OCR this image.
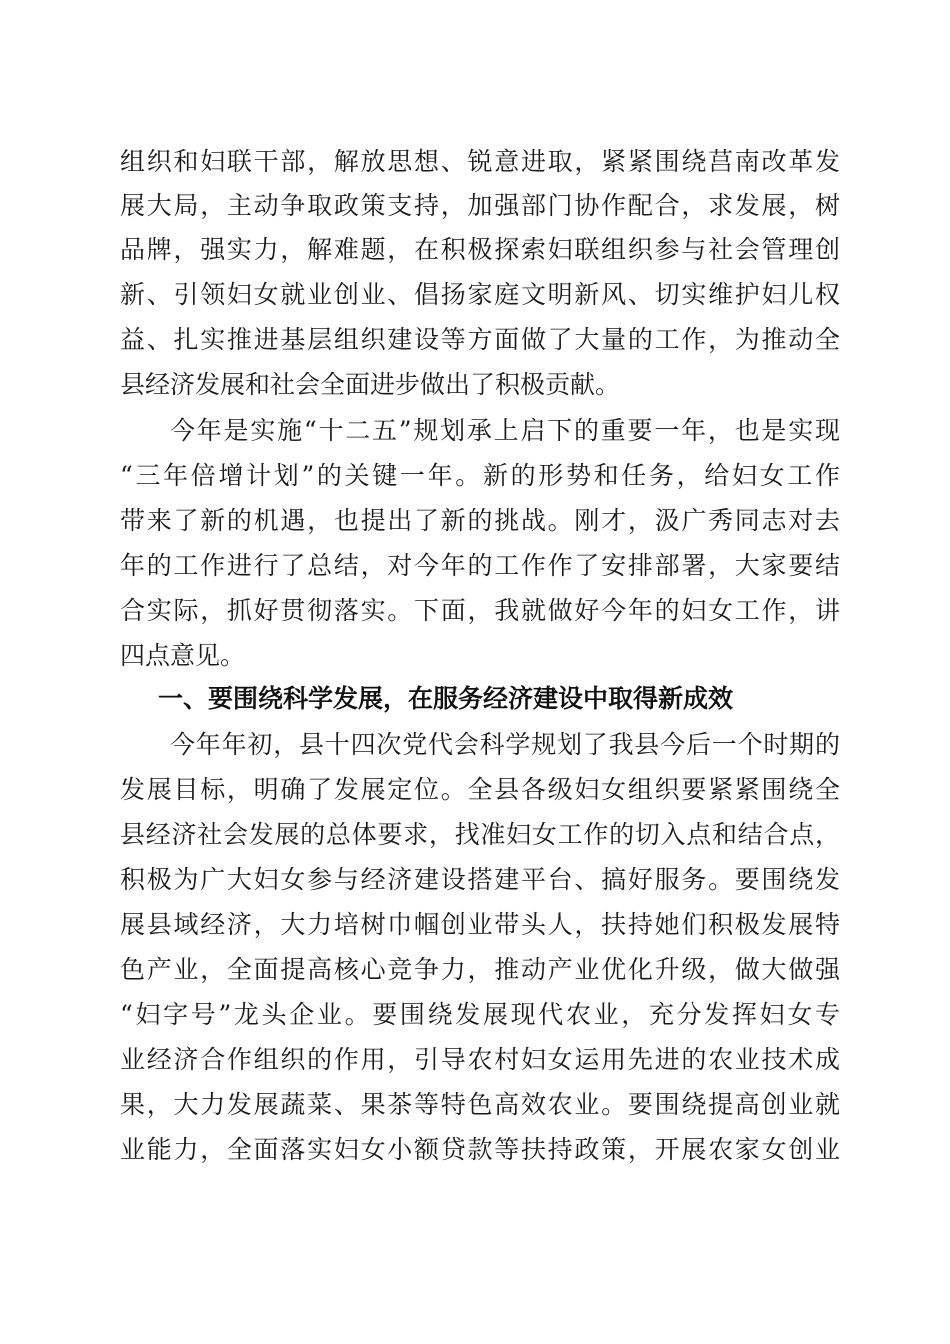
组织和妇联干部，解放思想、锐意进取，紧紧围绕莒南改革发
展大局，主动争取政策支持，加强部门协作配合，求发展，树
品牌，强实力，解难题，在积极探索妇联组织参与社会管理创
新、引领妇女就业创业、倡扬家庭文明新风、切实维护妇儿权
益、扎实推进基层组织建设等方面做了大量的工作，为推动全
县经济发展和社会全面进步做出了积极贡献。
今年是实施“十二五”规划承上启下的重要一年，也是实现
“三年倍增计划”的关键一年。新的形势和任务，给妇女工作
带来了新的机遇，也提出了新的挑战。刚才，汲广秀同志对去
年的工作进行了总结，对今年的工作作了安排部署，大家要结
合实际，抓好贯彻落实。下面，我就做好今年的妇女工作，讲
四点意见。
一、要围绕科学发展，在服务经济建设中取得新成效
今年年初，县十四次党代会科学规划了我县今后一个时期的
发展目标，明确了发展定位。全县各级妇女组织要紧紧围绕全
县经济社会发展的总体要求，找准妇女工作的切入点和结合点，
积极为广大妇女参与经济建设搭建平台、搞好服务。要围绕发
展县域经济，大力培树巾帼创业带头人，扶持她们积极发展特
色产业，全面提高核心竞争力，推动产业优化升级，做大做强
“妇字号”龙头企业。要围绕发展现代农业，充分发挥妇女专
业经济合作组织的作用，引导农村妇女运用先进的农业技术成
果，大力发展蔬菜、果茶等特色高效农业。要围绕提高创业就
业能力，全面落实妇女小额贷款等扶持政策，开展农家女创业
